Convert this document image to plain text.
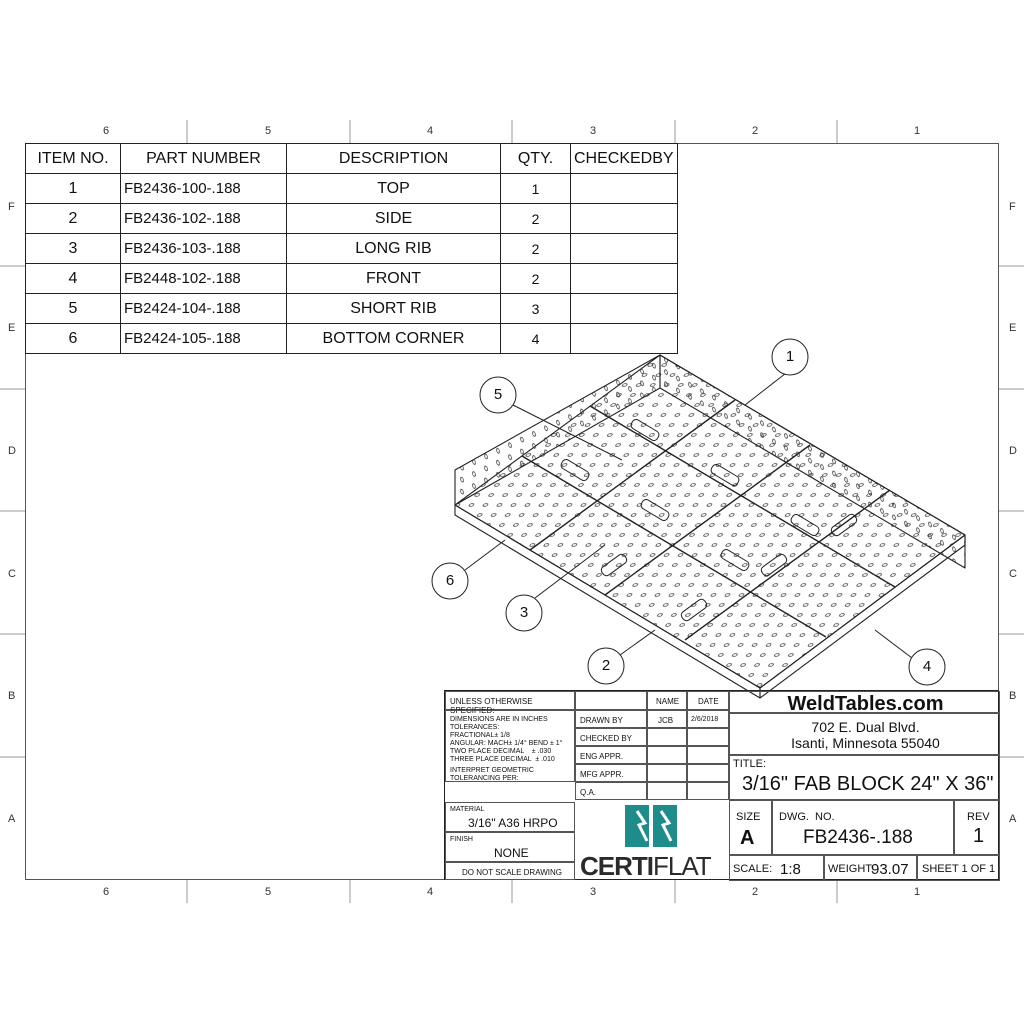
6	5	4	3	2	1
6	5	4	3	2	1
F
E
D
C
B
A
F
E
D
C
B
A
ITEM NO.	PART NUMBER	DESCRIPTION	QTY.	CHECKEDBY
1	FB2436-100-.188	TOP	1	
2	FB2436-102-.188	SIDE	2	
3	FB2436-103-.188	LONG RIB	2	
4	FB2448-102-.188	FRONT	2	
5	FB2424-104-.188	SHORT RIB	3	
6	FB2424-105-.188	BOTTOM CORNER	4	
1
2
3
4
5
6
UNLESS OTHERWISE SPECIFIED:
DIMENSIONS ARE IN INCHES
TOLERANCES:
FRACTIONAL± 1/8
ANGULAR: MACH± 1/4° BEND ± 1°
TWO PLACE DECIMAL    ± .030
THREE PLACE DECIMAL  ± .010
INTERPRET GEOMETRIC
TOLERANCING PER:
MATERIAL
3/16" A36 HRPO
FINISH
NONE
DO NOT SCALE DRAWING
NAME DATE
DRAWN BY	JCB	2/6/2018
CHECKED BY
ENG APPR.
MFG APPR.
Q.A.
CERTIFLAT
WeldTables.com
702 E. Dual Blvd.
Isanti, Minnesota 55040
TITLE:
3/16" FAB BLOCK 24" X 36"
SIZE
A
DWG.  NO.
FB2436-.188
REV
1
SCALE: 1:8 WEIGHT:
93.07 SHEET 1 OF 1
